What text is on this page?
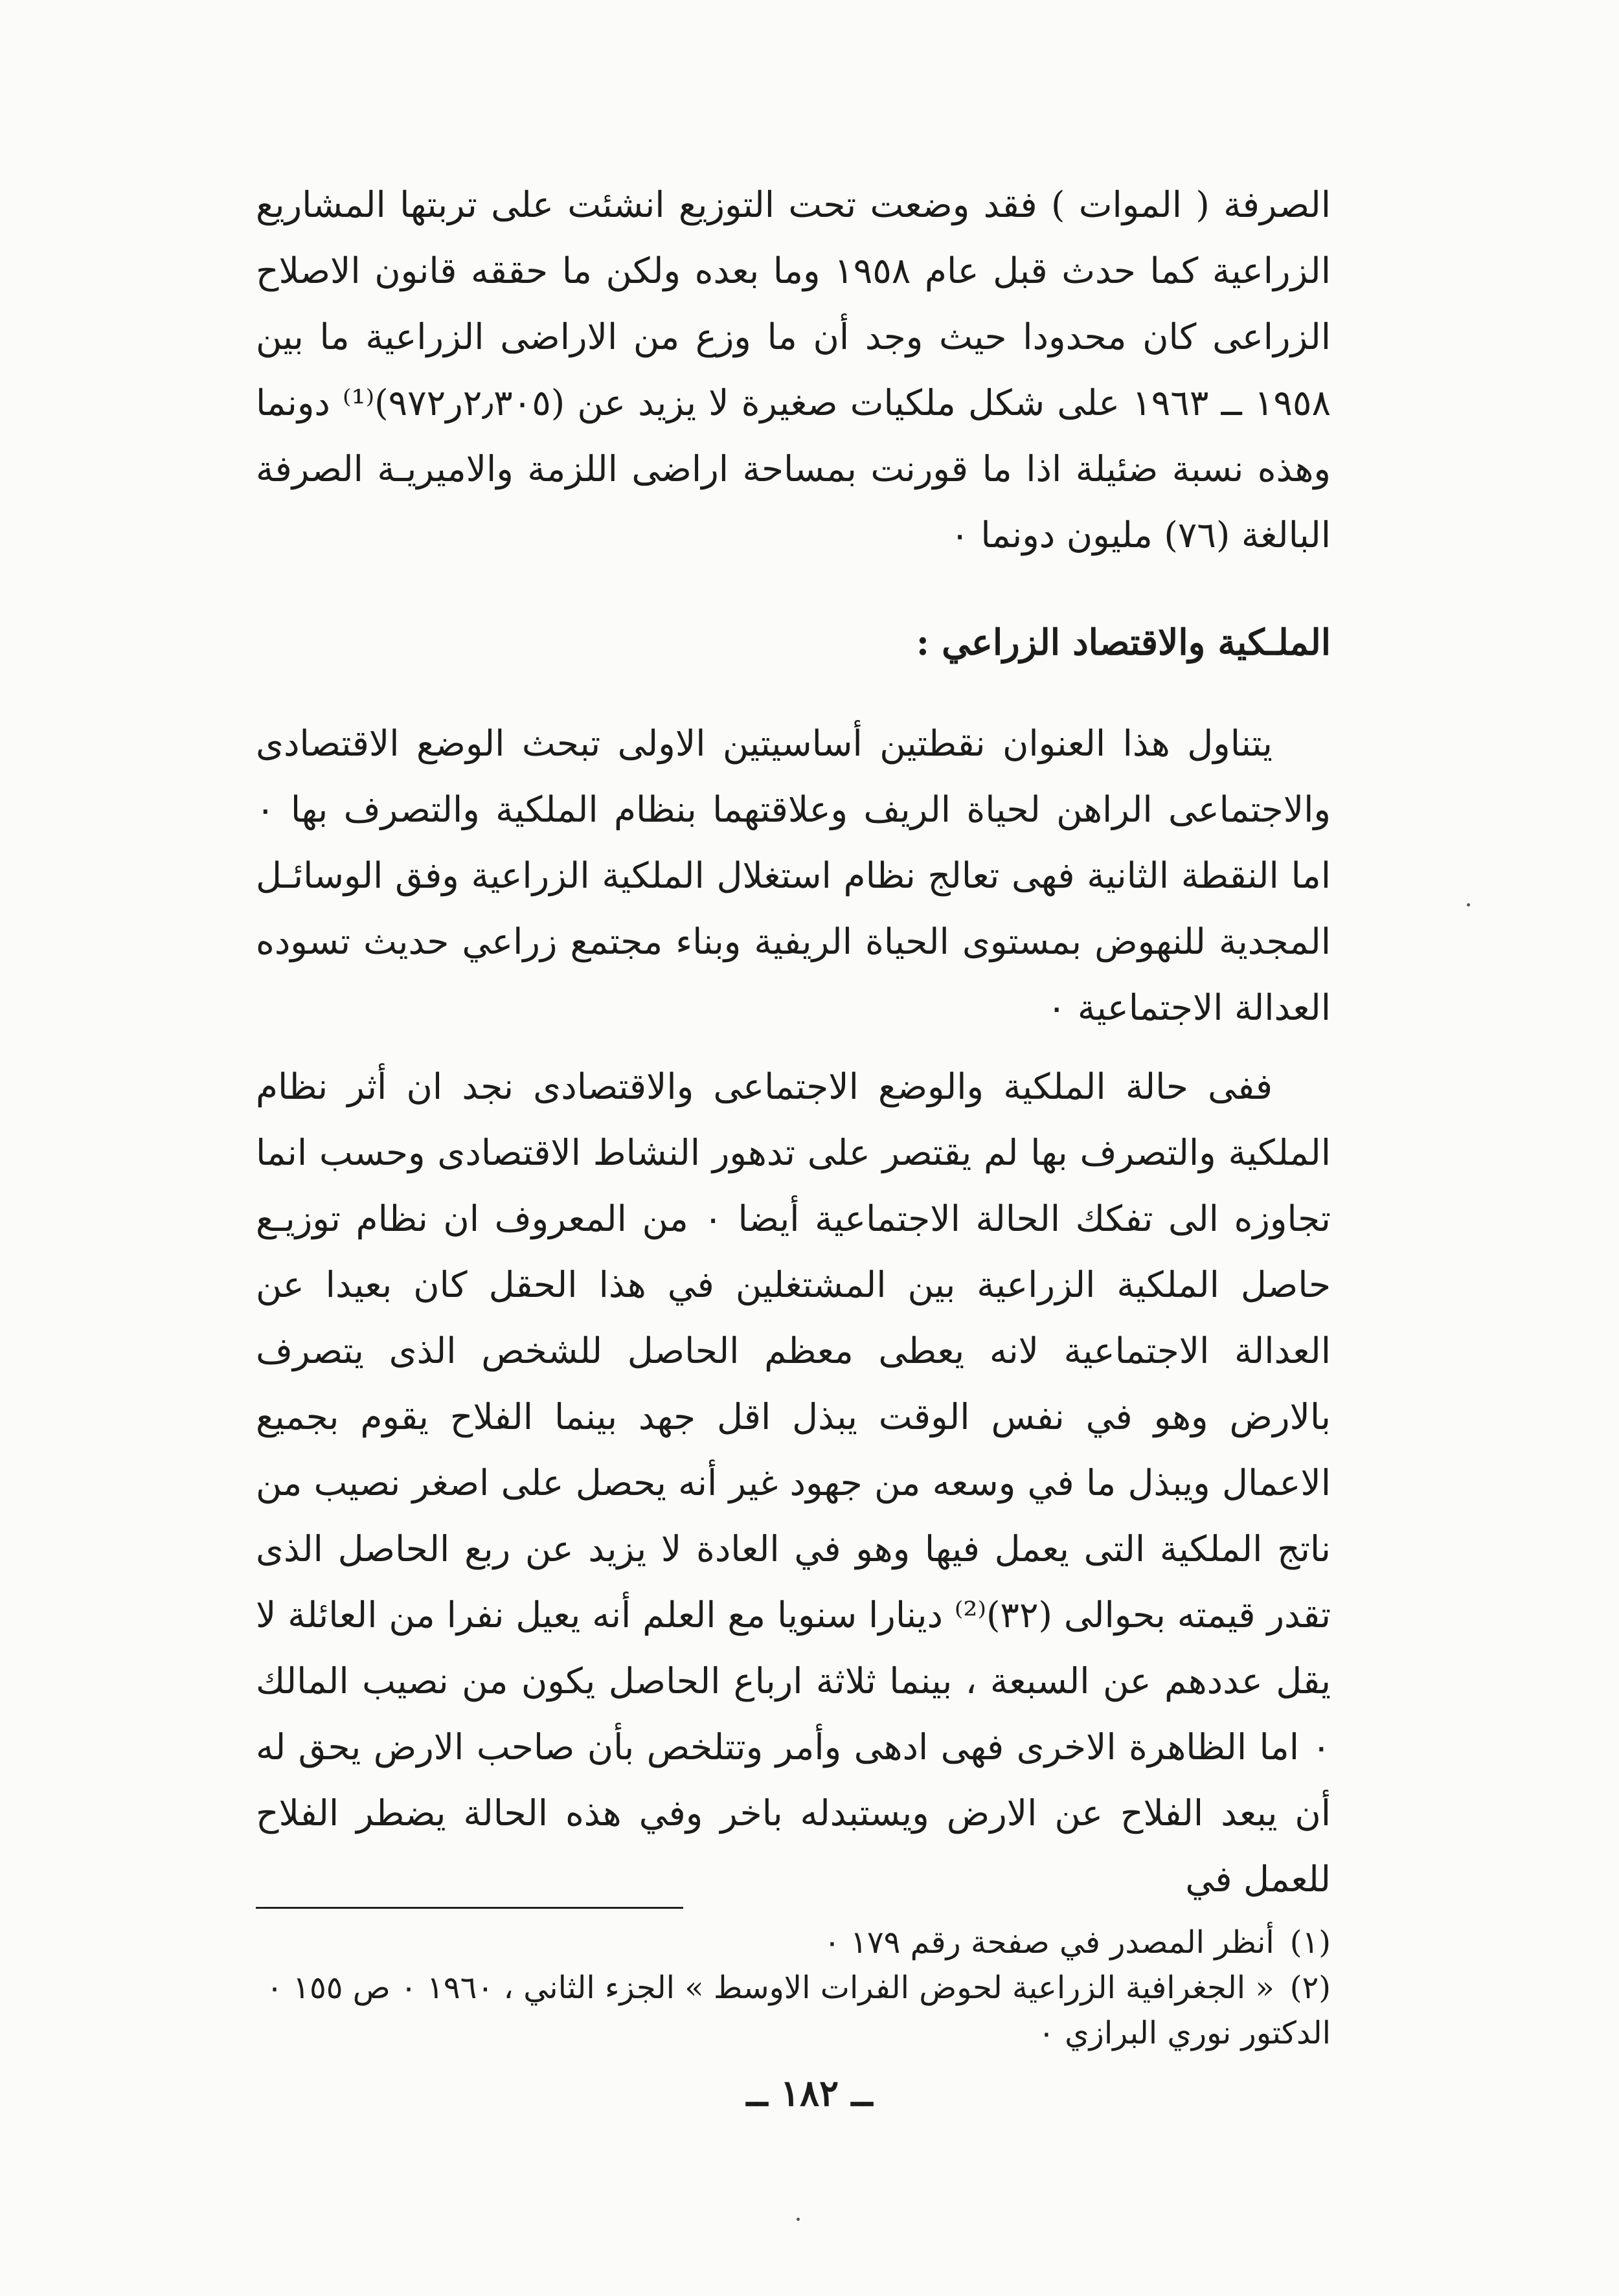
الصرفة ( الموات ) فقد وضعت تحت التوزيع انشئت على تربتها المشاريع الزراعية كما حدث قبل عام ١٩٥٨ وما بعده ولكن ما حققه قانون الاصلاح الزراعى كان محدودا حيث وجد أن ما وزع من الاراضى الزراعية ما بين ١٩٥٨ ــ ١٩٦٣ على شكل ملكيات صغيرة لا يزيد عن (٢٫٣٠٥ر٩٧٢)⁽¹⁾ دونما وهذه نسبة ضئيلة اذا ما قورنت بمساحة اراضى اللزمة والاميريـة الصرفة البالغة (٧٦) مليون دونما ٠

الملـكية والاقتصاد الزراعي :

يتناول هذا العنوان نقطتين أساسيتين الاولى تبحث الوضع الاقتصادى والاجتماعى الراهن لحياة الريف وعلاقتهما بنظام الملكية والتصرف بها ٠ اما النقطة الثانية فهى تعالج نظام استغلال الملكية الزراعية وفق الوسائـل المجدية للنهوض بمستوى الحياة الريفية وبناء مجتمع زراعي حديث تسوده العدالة الاجتماعية ٠

ففى حالة الملكية والوضع الاجتماعى والاقتصادى نجد ان أثر نظام الملكية والتصرف بها لم يقتصر على تدهور النشاط الاقتصادى وحسب انما تجاوزه الى تفكك الحالة الاجتماعية أيضا ٠ من المعروف ان نظام توزيـع حاصل الملكية الزراعية بين المشتغلين في هذا الحقل كان بعيدا عن العدالة الاجتماعية لانه يعطى معظم الحاصل للشخص الذى يتصرف بالارض وهو في نفس الوقت يبذل اقل جهد بينما الفلاح يقوم بجميع الاعمال ويبذل ما في وسعه من جهود غير أنه يحصل على اصغر نصيب من ناتج الملكية التى يعمل فيها وهو في العادة لا يزيد عن ربع الحاصل الذى تقدر قيمته بحوالى (٣٢)⁽²⁾ دينارا سنويا مع العلم أنه يعيل نفرا من العائلة لا يقل عددهم عن السبعة ، بينما ثلاثة ارباع الحاصل يكون من نصيب المالك ٠ اما الظاهرة الاخرى فهى ادهى وأمر وتتلخص بأن صاحب الارض يحق له أن يبعد الفلاح عن الارض ويستبدله باخر وفي هذه الحالة يضطر الفلاح للعمل في

(١)أنظر المصدر في صفحة رقم ١٧٩ ٠

(٢)« الجغرافية الزراعية لحوض الفرات الاوسط » الجزء الثاني ، ١٩٦٠ ٠ ص ١٥٥ ٠ الدكتور نوري البرازي ٠

ــ ١٨٢ ــ
